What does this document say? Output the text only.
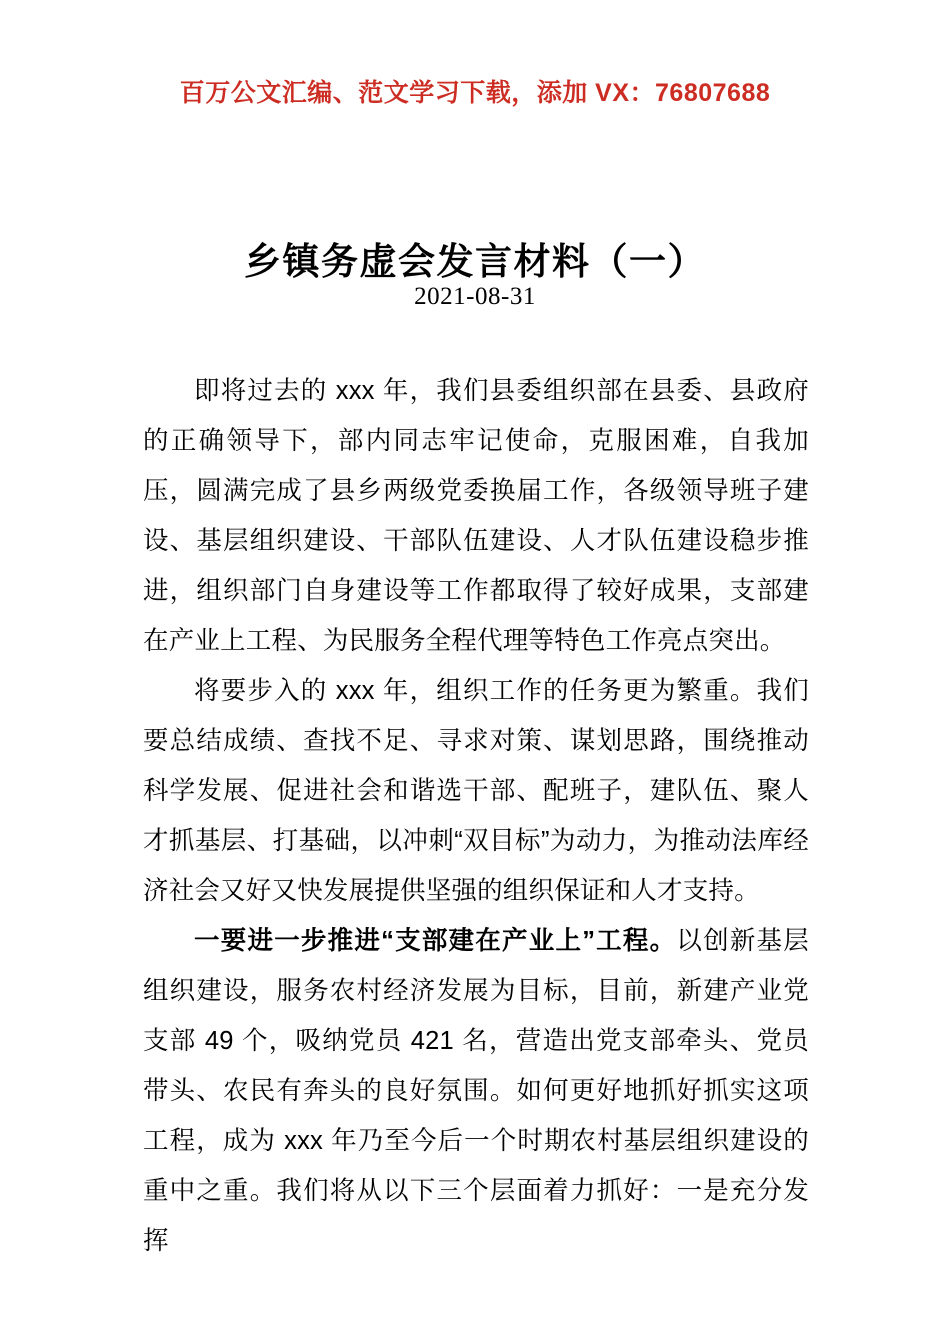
百万公文汇编、范文学习下载，添加 VX：76807688
乡镇务虚会发言材料（一）
2021-08-31

即将过去的 xxx 年，我们县委组织部在县委、县政府的正确领导下，部内同志牢记使命，克服困难，自我加压，圆满完成了县乡两级党委换届工作，各级领导班子建设、基层组织建设、干部队伍建设、人才队伍建设稳步推进，组织部门自身建设等工作都取得了较好成果，支部建在产业上工程、为民服务全程代理等特色工作亮点突出。

将要步入的 xxx 年，组织工作的任务更为繁重。我们要总结成绩、查找不足、寻求对策、谋划思路，围绕推动科学发展、促进社会和谐选干部、配班子，建队伍、聚人才抓基层、打基础，以冲刺“双目标”为动力，为推动法库经济社会又好又快发展提供坚强的组织保证和人才支持。

一要进一步推进“支部建在产业上”工程。以创新基层组织建设，服务农村经济发展为目标，目前，新建产业党支部 49 个，吸纳党员 421 名，营造出党支部牵头、党员带头、农民有奔头的良好氛围。如何更好地抓好抓实这项工程，成为 xxx 年乃至今后一个时期农村基层组织建设的重中之重。我们将从以下三个层面着力抓好：一是充分发挥
